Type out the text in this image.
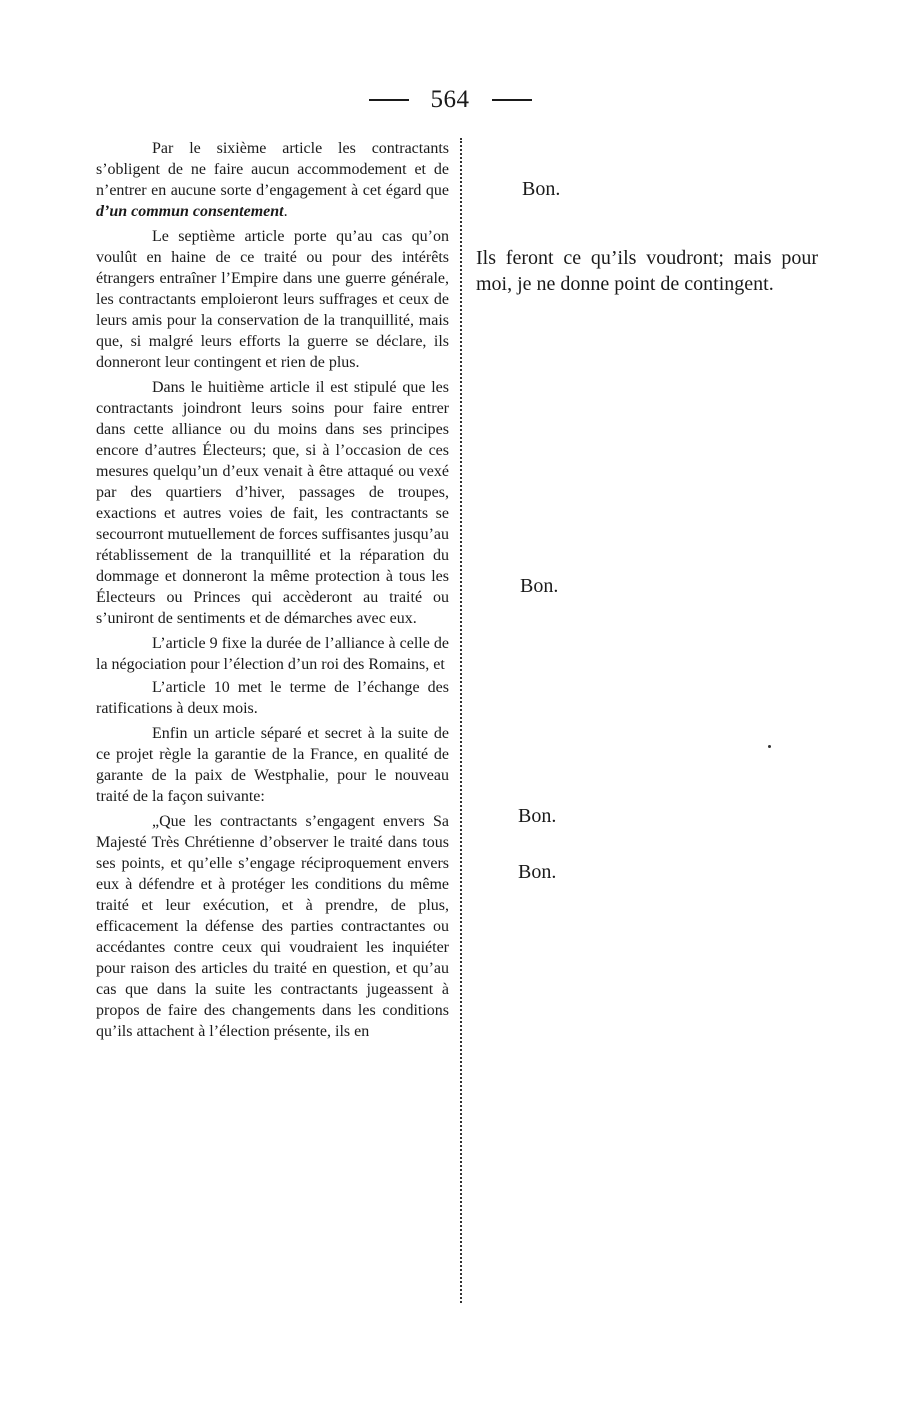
564

Par le sixième article les contractants s’obligent de ne faire aucun accommodement et de n’entrer en aucune sorte d’engagement à cet égard que d’un commun consentement.

Le septième article porte qu’au cas qu’on voulût en haine de ce traité ou pour des intérêts étrangers entraîner l’Empire dans une guerre générale, les contractants emploieront leurs suffrages et ceux de leurs amis pour la conservation de la tranquillité, mais que, si malgré leurs efforts la guerre se déclare, ils donneront leur contingent et rien de plus.

Dans le huitième article il est stipulé que les contractants joindront leurs soins pour faire entrer dans cette alliance ou du moins dans ses principes encore d’autres Électeurs; que, si à l’occasion de ces mesures quelqu’un d’eux venait à être attaqué ou vexé par des quartiers d’hiver, passages de troupes, exactions et autres voies de fait, les contractants se secourront mutuellement de forces suffisantes jusqu’au rétablissement de la tranquillité et la réparation du dommage et donneront la même protection à tous les Électeurs ou Princes qui accèderont au traité ou s’uniront de sentiments et de démarches avec eux.

L’article 9 fixe la durée de l’alliance à celle de la négociation pour l’élection d’un roi des Romains, et

L’article 10 met le terme de l’échange des ratifications à deux mois.

Enfin un article séparé et secret à la suite de ce projet règle la garantie de la France, en qualité de garante de la paix de Westphalie, pour le nouveau traité de la façon suivante:

„Que les contractants s’engagent envers Sa Majesté Très Chrétienne d’observer le traité dans tous ses points, et qu’elle s’engage réciproquement envers eux à défendre et à protéger les conditions du même traité et leur exécution, et à prendre, de plus, efficacement la défense des parties contractantes ou accédantes contre ceux qui voudraient les inquiéter pour raison des articles du traité en question, et qu’au cas que dans la suite les contractants jugeassent à propos de faire des changements dans les conditions qu’ils attachent à l’élection présente, ils en

Bon.

Ils feront ce qu’ils voudront; mais pour moi, je ne donne point de contingent.

Bon.

Bon.

Bon.
